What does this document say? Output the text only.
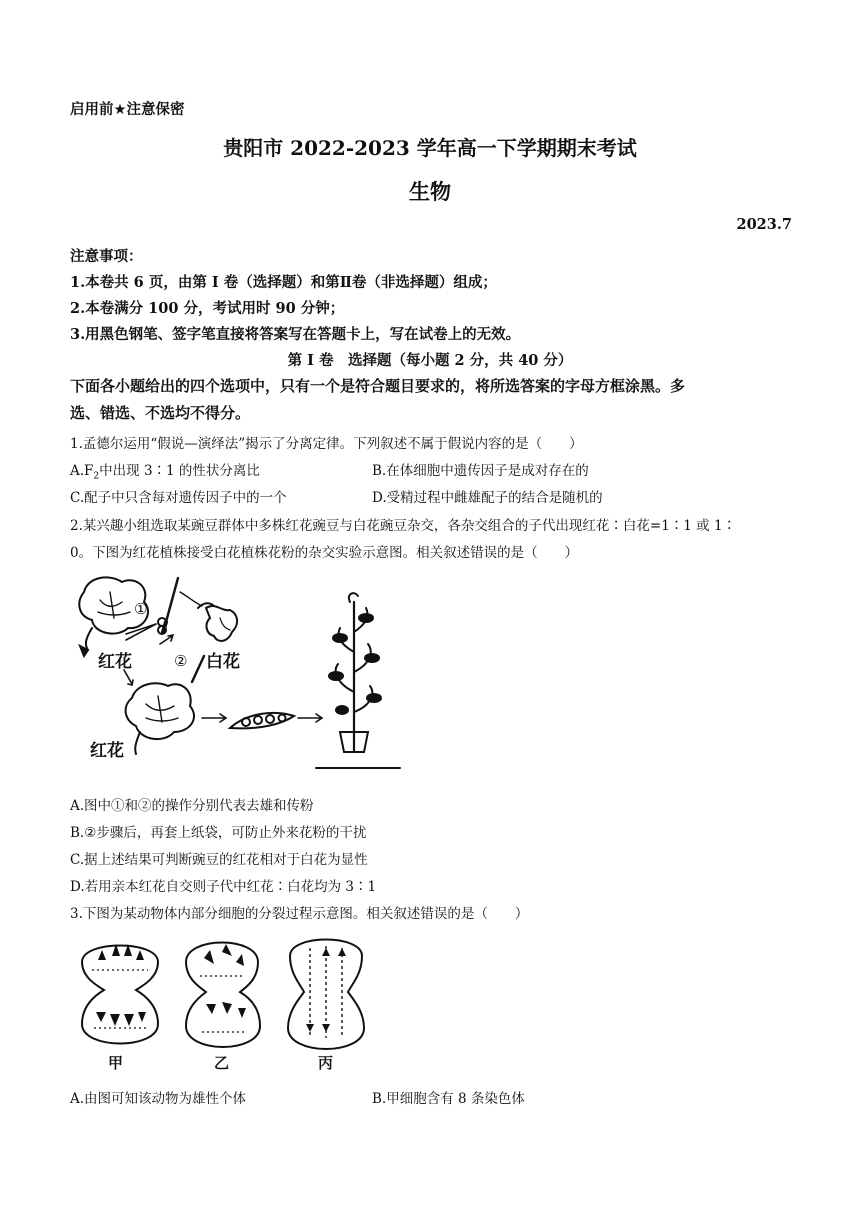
启用前★注意保密
贵阳市 2022-2023 学年高一下学期期末考试
生物
2023.7
注意事项：
1.本卷共 6 页，由第 I 卷（选择题）和第Ⅱ卷（非选择题）组成；
2.本卷满分 100 分，考试用时 90 分钟；
3.用黑色钢笔、签字笔直接将答案写在答题卡上，写在试卷上的无效。
第 I 卷　选择题（每小题 2 分，共 40 分）
下面各小题给出的四个选项中，只有一个是符合题目要求的，将所选答案的字母方框涂黑。多
选、错选、不选均不得分。
1.孟德尔运用“假说—演绎法”揭示了分离定律。下列叙述不属于假说内容的是（　　）
$A.F_2$中出现 3∶1 的性状分离比	B.在体细胞中遗传因子是成对存在的
C.配子中只含每对遗传因子中的一个	D.受精过程中雌雄配子的结合是随机的
2.某兴趣小组选取某豌豆群体中多株红花豌豆与白花豌豆杂交，各杂交组合的子代出现红花∶白花=1∶1 或 1∶
0。下图为红花植株接受白花植株花粉的杂交实验示意图。相关叙述错误的是（　　）
红花	白花
红花
①
②
A.图中①和②的操作分别代表去雄和传粉
B.②步骤后，再套上纸袋，可防止外来花粉的干扰
C.据上述结果可判断豌豆的红花相对于白花为显性
D.若用亲本红花自交则子代中红花∶白花均为 3∶1
3.下图为某动物体内部分细胞的分裂过程示意图。相关叙述错误的是（　　）
甲	乙	丙
A.由图可知该动物为雄性个体	B.甲细胞含有 8 条染色体
